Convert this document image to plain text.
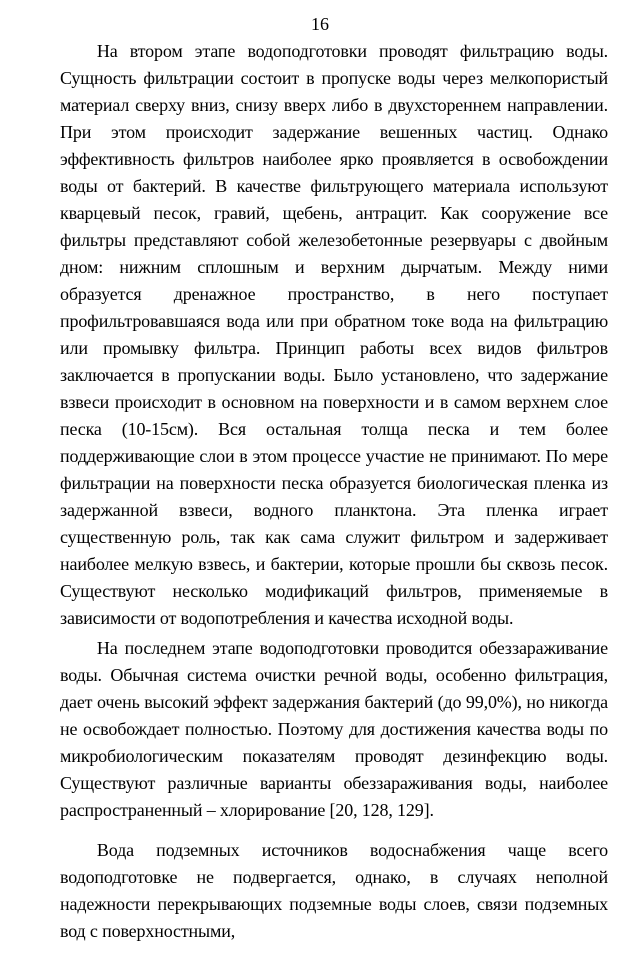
16

На втором этапе водоподготовки проводят фильтрацию воды. Сущность фильтрации состоит в пропуске воды через мелкопористый материал сверху вниз, снизу вверх либо в двухстореннем направлении. При этом происходит задержание вешенных частиц. Однако эффективность фильтров наиболее ярко проявляется в освобождении воды от бактерий. В качестве фильтрующего материала используют кварцевый песок, гравий, щебень, антрацит. Как сооружение все фильтры представляют собой железобетонные резервуары с двойным дном: нижним сплошным и верхним дырчатым. Между ними образуется дренажное пространство, в него поступает профильтровавшаяся вода или при обратном токе вода на фильтрацию или промывку фильтра. Принцип работы всех видов фильтров заключается в пропускании воды. Было установлено, что задержание взвеси происходит в основном на поверхности и в самом верхнем слое песка (10-15см). Вся остальная толща песка и тем более поддерживающие слои в этом процессе участие не принимают. По мере фильтрации на поверхности песка образуется биологическая пленка из задержанной взвеси, водного планктона. Эта пленка играет существенную роль, так как сама служит фильтром и задерживает наиболее мелкую взвесь, и бактерии, которые прошли бы сквозь песок. Существуют несколько модификаций фильтров, применяемые в зависимости от водопотребления и качества исходной воды.

На последнем этапе водоподготовки проводится обеззараживание воды. Обычная система очистки речной воды, особенно фильтрация, дает очень высокий эффект задержания бактерий (до 99,0%), но никогда не освобождает полностью. Поэтому для достижения качества воды по микробиологическим показателям проводят дезинфекцию воды. Существуют различные варианты обеззараживания воды, наиболее распространенный – хлорирование [20, 128, 129].

Вода подземных источников водоснабжения чаще всего водоподготовке не подвергается, однако, в случаях неполной надежности перекрывающих подземные воды слоев, связи подземных вод с поверхностными,
